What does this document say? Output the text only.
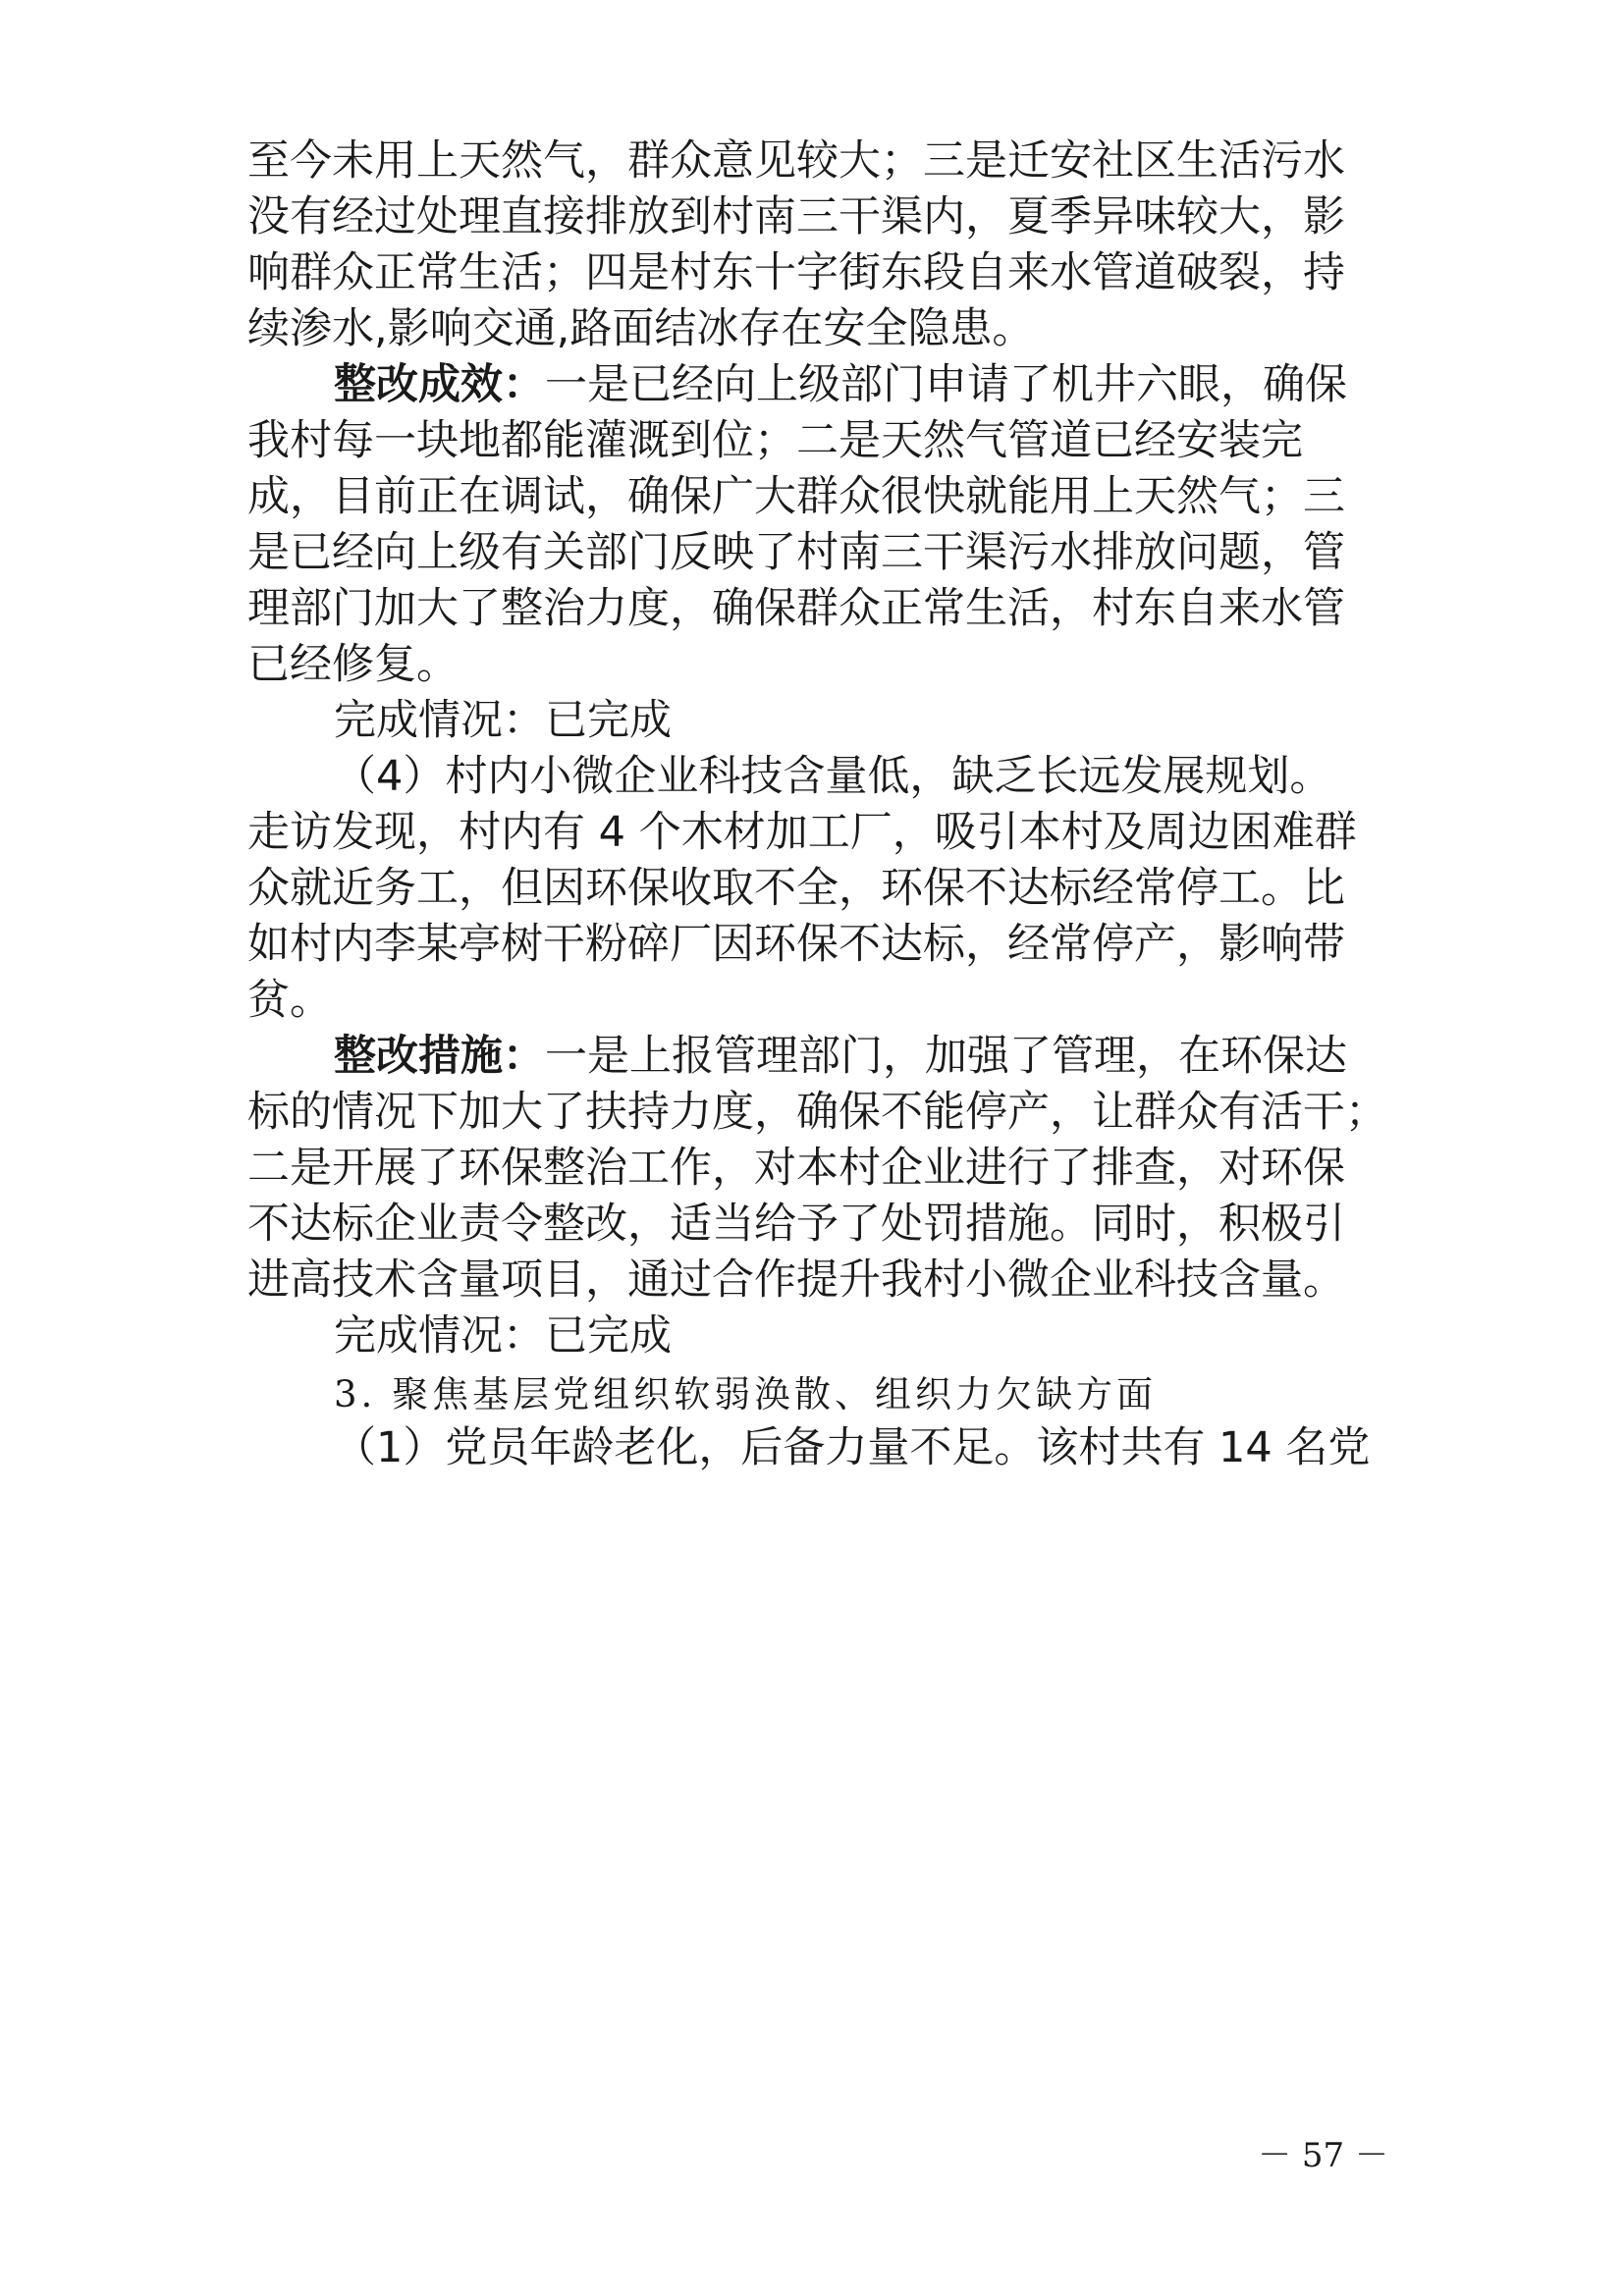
至今未用上天然气，群众意见较大；三是迁安社区生活污水
没有经过处理直接排放到村南三干渠内，夏季异味较大，影
响群众正常生活；四是村东十字街东段自来水管道破裂，持
续渗水,影响交通,路面结冰存在安全隐患。
整改成效：一是已经向上级部门申请了机井六眼，确保
我村每一块地都能灌溉到位；二是天然气管道已经安装完
成，目前正在调试，确保广大群众很快就能用上天然气；三
是已经向上级有关部门反映了村南三干渠污水排放问题，管
理部门加大了整治力度，确保群众正常生活，村东自来水管
已经修复。
完成情况：已完成
（4）村内小微企业科技含量低，缺乏长远发展规划。
走访发现，村内有 4 个木材加工厂，吸引本村及周边困难群
众就近务工，但因环保收取不全，环保不达标经常停工。比
如村内李某亭树干粉碎厂因环保不达标，经常停产，影响带
贫。
整改措施：一是上报管理部门，加强了管理，在环保达
标的情况下加大了扶持力度，确保不能停产，让群众有活干；
二是开展了环保整治工作，对本村企业进行了排查，对环保
不达标企业责令整改，适当给予了处罚措施。同时，积极引
进高技术含量项目，通过合作提升我村小微企业科技含量。
完成情况：已完成
3. 聚焦基层党组织软弱涣散、组织力欠缺方面
（1）党员年龄老化，后备力量不足。该村共有 14 名党
－ 57 －
